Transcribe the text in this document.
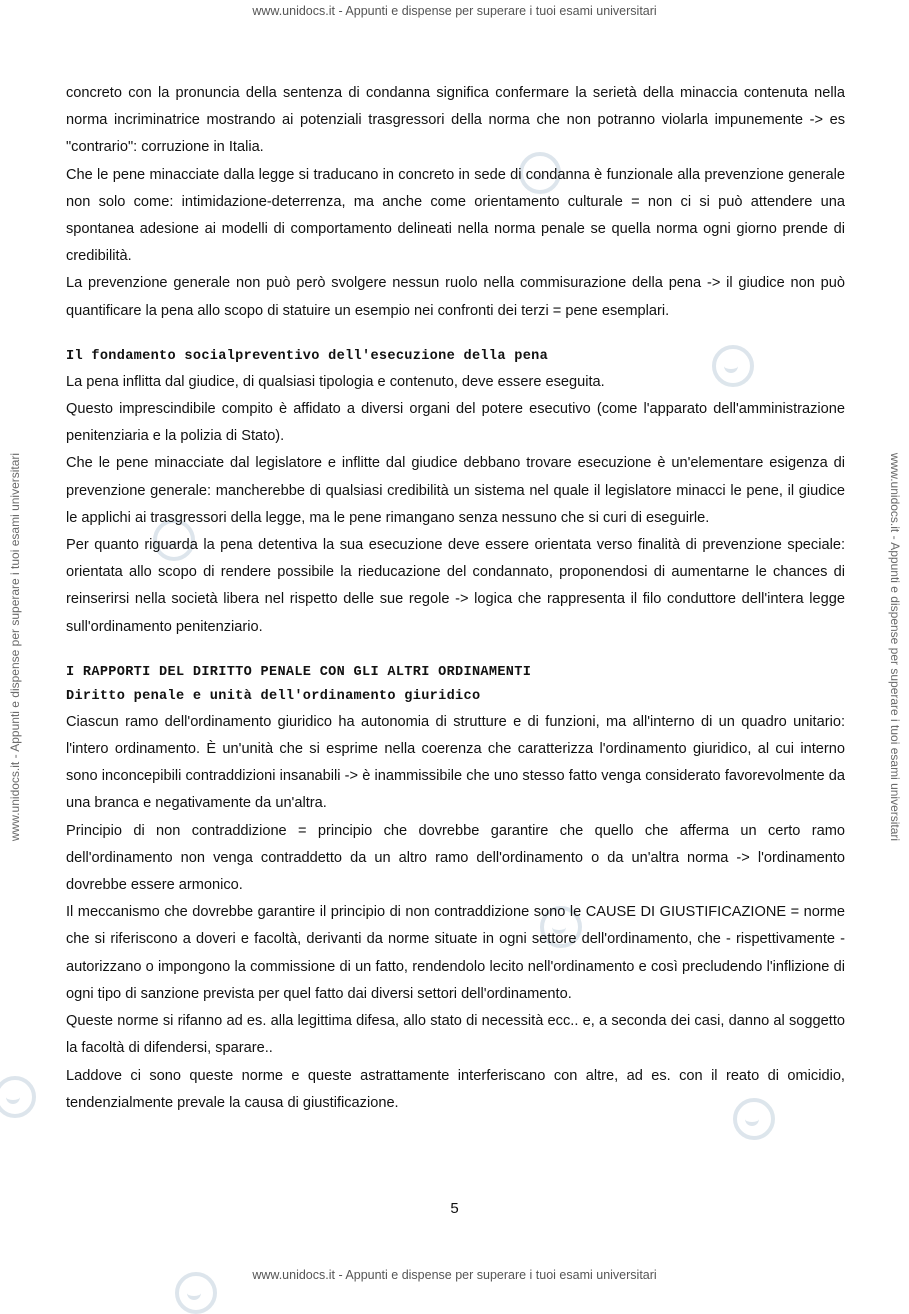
www.unidocs.it - Appunti e dispense per superare i tuoi esami universitari
www.unidocs.it - Appunti e dispense per superare i tuoi esami universitari	www.unidocs.it - Appunti e dispense per superare i tuoi esami universitari

concreto con la pronuncia della sentenza di condanna significa confermare la serietà della minaccia contenuta nella norma incriminatrice mostrando ai potenziali trasgressori della norma che non potranno violarla impunemente -> es "contrario": corruzione in Italia.

Che le pene minacciate dalla legge si traducano in concreto in sede di condanna è funzionale alla prevenzione generale non solo come: intimidazione-deterrenza, ma anche come orientamento culturale = non ci si può attendere una spontanea adesione ai modelli di comportamento delineati nella norma penale se quella norma ogni giorno prende di credibilità.

La prevenzione generale non può però svolgere nessun ruolo nella commisurazione della pena -> il giudice non può quantificare la pena allo scopo di statuire un esempio nei confronti dei terzi = pene esemplari.

Il fondamento socialpreventivo dell'esecuzione della pena

La pena inflitta dal giudice, di qualsiasi tipologia e contenuto, deve essere eseguita.

Questo imprescindibile compito è affidato a diversi organi del potere esecutivo (come l'apparato dell'amministrazione penitenziaria e la polizia di Stato).

Che le pene minacciate dal legislatore e inflitte dal giudice debbano trovare esecuzione è un'elementare esigenza di prevenzione generale: mancherebbe di qualsiasi credibilità un sistema nel quale il legislatore minacci le pene, il giudice le applichi ai trasgressori della legge, ma le pene rimangano senza nessuno che si curi di eseguirle.

Per quanto riguarda la pena detentiva la sua esecuzione deve essere orientata verso finalità di prevenzione speciale: orientata allo scopo di rendere possibile la rieducazione del condannato, proponendosi di aumentarne le chances di reinserirsi nella società libera nel rispetto delle sue regole -> logica che rappresenta il filo conduttore dell'intera legge sull'ordinamento penitenziario.

I RAPPORTI DEL DIRITTO PENALE CON GLI ALTRI ORDINAMENTI

Diritto penale e unità dell'ordinamento giuridico

Ciascun ramo dell'ordinamento giuridico ha autonomia di strutture e di funzioni, ma all'interno di un quadro unitario: l'intero ordinamento. È un'unità che si esprime nella coerenza che caratterizza l'ordinamento giuridico, al cui interno sono inconcepibili contraddizioni insanabili -> è inammissibile che uno stesso fatto venga considerato favorevolmente da una branca e negativamente da un'altra.

Principio di non contraddizione = principio che dovrebbe garantire che quello che afferma un certo ramo dell'ordinamento non venga contraddetto da un altro ramo dell'ordinamento o da un'altra norma -> l'ordinamento dovrebbe essere armonico.

Il meccanismo che dovrebbe garantire il principio di non contraddizione sono le CAUSE DI GIUSTIFICAZIONE = norme che si riferiscono a doveri e facoltà, derivanti da norme situate in ogni settore dell'ordinamento, che - rispettivamente - autorizzano o impongono la commissione di un fatto, rendendolo lecito nell'ordinamento e così precludendo l'inflizione di ogni tipo di sanzione prevista per quel fatto dai diversi settori dell'ordinamento.

Queste norme si rifanno ad es. alla legittima difesa, allo stato di necessità ecc.. e, a seconda dei casi, danno al soggetto la facoltà di difendersi, sparare..

Laddove ci sono queste norme e queste astrattamente interferiscano con altre, ad es. con il reato di omicidio, tendenzialmente prevale la causa di giustificazione.

5
www.unidocs.it - Appunti e dispense per superare i tuoi esami universitari
